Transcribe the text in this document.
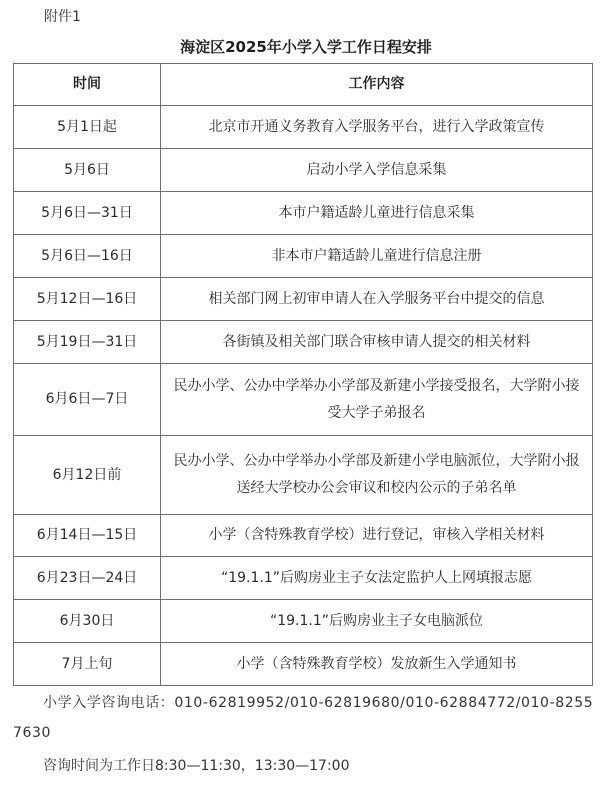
附件1
海淀区2025年小学入学工作日程安排
时间	工作内容
5月1日起	北京市开通义务教育入学服务平台，进行入学政策宣传
5月6日	启动小学入学信息采集
5月6日—31日	本市户籍适龄儿童进行信息采集
5月6日—16日	非本市户籍适龄儿童进行信息注册
5月12日—16日	相关部门网上初审申请人在入学服务平台中提交的信息
5月19日—31日	各街镇及相关部门联合审核申请人提交的相关材料
6月6日—7日	民办小学、公办中学举办小学部及新建小学接受报名，大学附小接受大学子弟报名
6月12日前	民办小学、公办中学举办小学部及新建小学电脑派位，大学附小报送经大学校办公会审议和校内公示的子弟名单
6月14日—15日	小学（含特殊教育学校）进行登记，审核入学相关材料
6月23日—24日	“19.1.1”后购房业主子女法定监护人上网填报志愿
6月30日	“19.1.1”后购房业主子女电脑派位
7月上旬	小学（含特殊教育学校）发放新生入学通知书
小学入学咨询电话：010-62819952/010-62819680/010-62884772/010-82557630
咨询时间为工作日8:30—11:30，13:30—17:00
